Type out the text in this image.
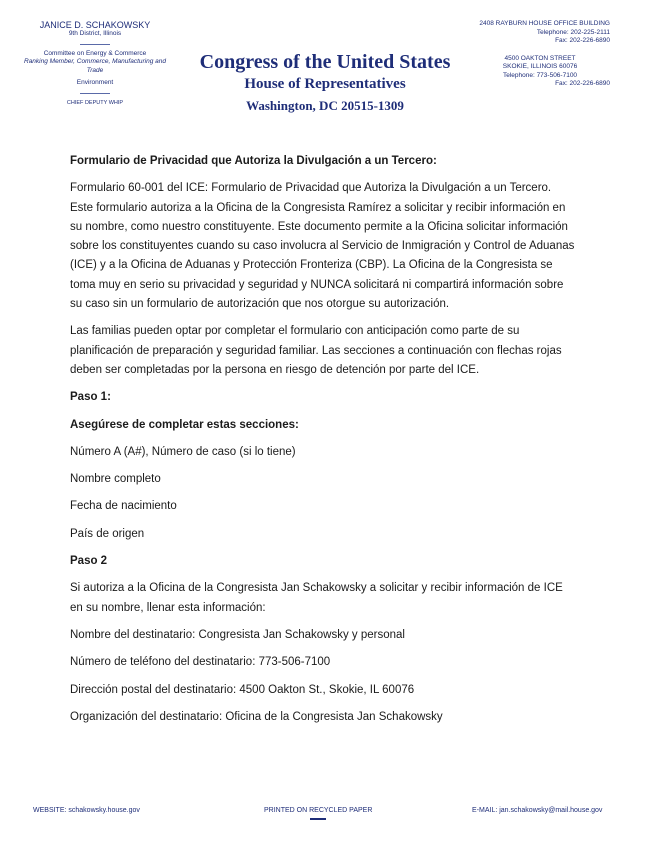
JANICE D. SCHAKOWSKY
9th District, Illinois
Committee on Energy & Commerce
Ranking Member, Commerce, Manufacturing and Trade
Environment
CHIEF DEPUTY WHIP
Congress of the United States
House of Representatives
Washington, DC 20515-1309
2408 RAYBURN HOUSE OFFICE BUILDING
Telephone: 202-225-2111
Fax: 202-226-6890
4500 OAKTON STREET
SKOKIE, ILLINOIS 60076
Telephone: 773-506-7100
Fax: 202-226-6890

Formulario de Privacidad que Autoriza la Divulgación a un Tercero:

Formulario 60-001 del ICE: Formulario de Privacidad que Autoriza la Divulgación a un Tercero. Este formulario autoriza a la Oficina de la Congresista Ramírez a solicitar y recibir información en su nombre, como nuestro constituyente. Este documento permite a la Oficina solicitar información sobre los constituyentes cuando su caso involucra al Servicio de Inmigración y Control de Aduanas (ICE) y a la Oficina de Aduanas y Protección Fronteriza (CBP). La Oficina de la Congresista se toma muy en serio su privacidad y seguridad y NUNCA solicitará ni compartirá información sobre su caso sin un formulario de autorización que nos otorgue su autorización.

Las familias pueden optar por completar el formulario con anticipación como parte de su planificación de preparación y seguridad familiar. Las secciones a continuación con flechas rojas deben ser completadas por la persona en riesgo de detención por parte del ICE.

Paso 1:

Asegúrese de completar estas secciones:

Número A (A#), Número de caso (si lo tiene)

Nombre completo

Fecha de nacimiento

País de origen

Paso 2

Si autoriza a la Oficina de la Congresista Jan Schakowsky a solicitar y recibir información de ICE en su nombre, llenar esta información:

Nombre del destinatario: Congresista Jan Schakowsky y personal

Número de teléfono del destinatario: 773-506-7100

Dirección postal del destinatario: 4500 Oakton St., Skokie, IL 60076

Organización del destinatario: Oficina de la Congresista Jan Schakowsky

WEBSITE: schakowsky.house.gov	PRINTED ON RECYCLED PAPER	E-MAIL: jan.schakowsky@mail.house.gov
